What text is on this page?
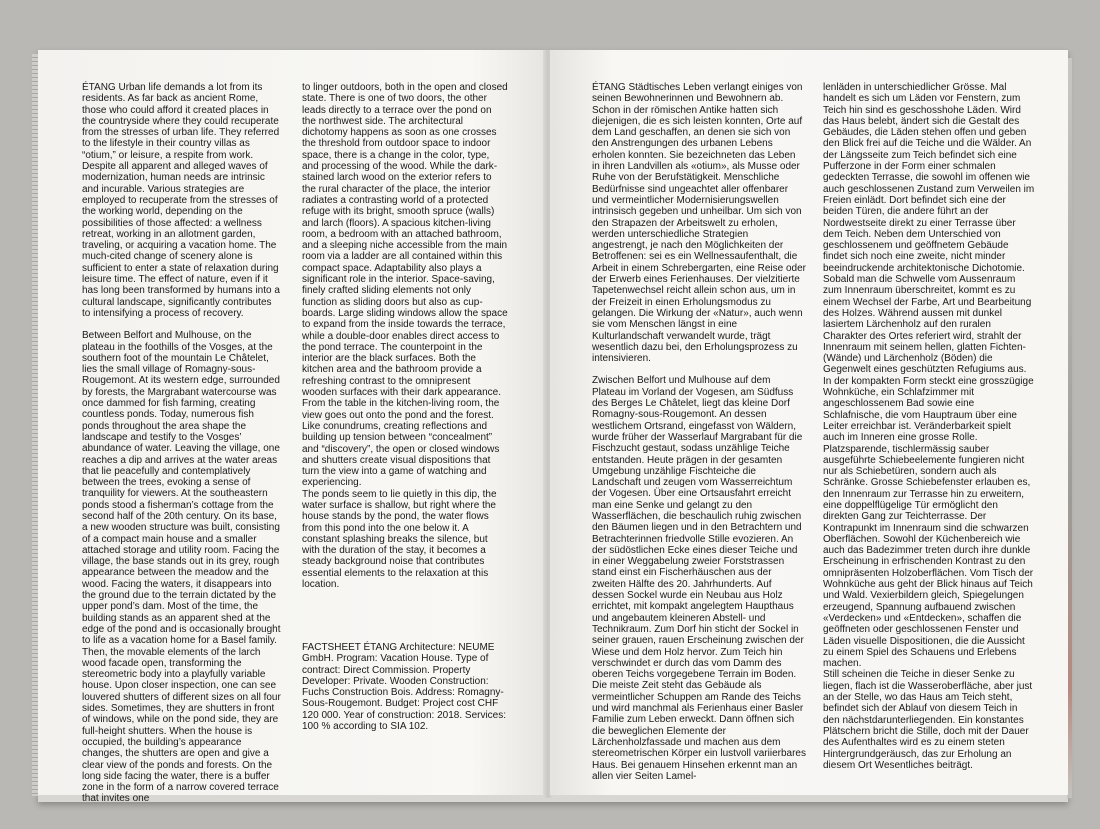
ÉTANG Urban life demands a lot from its residents. As far back as ancient Rome, those who could afford it created places in the countryside where they could recuperate from the stresses of urban life. They referred to the lifestyle in their country villas as “otium,” or leisure, a respite from work. Despite all apparent and alleged waves of modernization, human needs are intrinsic and incurable. Various strategies are employed to recuperate from the stresses of the working world, depending on the possibilities of those affected: a wellness retreat, working in an allotment garden, traveling, or acquiring a vacation home. The much-cited change of scenery alone is sufficient to enter a state of relaxation during leisure time. The effect of nature, even if it has long been transformed by humans into a cultural landscape, significantly contributes to intensifying a process of recovery.

Between Belfort and Mulhouse, on the plateau in the foothills of the Vosges, at the southern foot of the mountain Le Châtelet, lies the small village of Romagny-sous-Rougemont. At its western edge, surrounded by forests, the Margrabant watercourse was once dammed for fish farming, creating countless ponds. Today, numerous fish ponds throughout the area shape the landscape and testify to the Vosges’ abundance of water. Leaving the village, one reaches a dip and arrives at the water areas that lie peacefully and contemplatively between the trees, evoking a sense of tranquility for viewers. At the southeastern ponds stood a fisherman’s cottage from the second half of the 20th century. On its base, a new wooden structure was built, consisting of a compact main house and a smaller attached storage and utility room. Facing the village, the base stands out in its grey, rough appearance between the meadow and the wood. Facing the waters, it disappears into the ground due to the terrain dictated by the upper pond’s dam. Most of the time, the building stands as an apparent shed at the edge of the pond and is occasionally brought to life as a vacation home for a Basel family. Then, the movable elements of the larch wood facade open, transforming the stereometric body into a playfully variable house. Upon closer inspection, one can see louvered shutters of different sizes on all four sides. Sometimes, they are shutters in front of windows, while on the pond side, they are full-height shutters. When the house is occupied, the building’s appearance changes, the shutters are open and give a clear view of the ponds and forests. On the long side facing the water, there is a buffer zone in the form of a narrow covered terrace that invites one

to linger outdoors, both in the open and closed state. There is one of two doors, the other leads directly to a terrace over the pond on the northwest side. The architectural dichotomy happens as soon as one crosses the threshold from outdoor space to indoor space, there is a change in the color, type, and processing of the wood. While the dark-stained larch wood on the exterior refers to the rural character of the place, the interior radiates a contrasting world of a protected refuge with its bright, smooth spruce (walls) and larch (floors). A spacious kitchen-living room, a bedroom with an attached bathroom, and a sleeping niche accessible from the main room via a ladder are all contained within this compact space. Adaptability also plays a significant role in the interior. Space-saving, finely crafted sliding elements not only function as sliding doors but also as cup-boards. Large sliding windows allow the space to expand from the inside towards the terrace, while a double-door enables direct access to the pond terrace. The counterpoint in the interior are the black surfaces. Both the kitchen area and the bathroom provide a refreshing contrast to the omnipresent wooden surfaces with their dark appearance.
From the table in the kitchen-living room, the view goes out onto the pond and the forest. Like conundrums, creating reflections and building up tension between “concealment” and “discovery”, the open or closed windows and shutters create visual dispositions that turn the view into a game of watching and experiencing.
The ponds seem to lie quietly in this dip, the water surface is shallow, but right where the house stands by the pond, the water flows from this pond into the one below it. A constant splashing breaks the silence, but with the duration of the stay, it becomes a steady background noise that contributes essential elements to the relaxation at this location.

FACTSHEET ÉTANG Architecture: NEUME GmbH. Program: Vacation House. Type of contract: Direct Commission. Property Developer: Private. Wooden Construction: Fuchs Construction Bois. Address: Romagny-Sous-Rougemont. Budget: Project cost CHF 120 000. Year of construction: 2018. Services: 100 % according to SIA 102.

ÉTANG Städtisches Leben verlangt einiges von seinen Bewohnerinnen und Bewohnern ab. Schon in der römischen Antike hatten sich diejenigen, die es sich leisten konnten, Orte auf dem Land geschaffen, an denen sie sich von den Anstrengungen des urbanen Lebens erholen konnten. Sie bezeichneten das Leben in ihren Landvillen als «otium», als Musse oder Ruhe von der Berufstätigkeit. Menschliche Bedürfnisse sind ungeachtet aller offenbarer und vermeintlicher Modernisierungswellen intrinsisch gegeben und unheilbar. Um sich von den Strapazen der Arbeitswelt zu erholen, werden unterschiedliche Strategien angestrengt, je nach den Möglichkeiten der Betroffenen: sei es ein Wellnessaufenthalt, die Arbeit in einem Schrebergarten, eine Reise oder der Erwerb eines Ferienhauses. Der vielzitierte Tapetenwechsel reicht allein schon aus, um in der Freizeit in einen Erholungsmodus zu gelangen. Die Wirkung der «Natur», auch wenn sie vom Menschen längst in eine Kulturlandschaft verwandelt wurde, trägt wesentlich dazu bei, den Erholungsprozess zu intensivieren.

Zwischen Belfort und Mulhouse auf dem Plateau im Vorland der Vogesen, am Südfuss des Berges Le Châtelet, liegt das kleine Dorf Romagny-sous-Rougemont. An dessen westlichem Ortsrand, eingefasst von Wäldern, wurde früher der Wasserlauf Margrabant für die Fischzucht gestaut, sodass unzählige Teiche entstanden. Heute prägen in der gesamten Umgebung unzählige Fischteiche die Landschaft und zeugen vom Wasserreichtum der Vogesen. Über eine Ortsausfahrt erreicht man eine Senke und gelangt zu den Wasserflächen, die beschaulich ruhig zwischen den Bäumen liegen und in den Betrachtern und Betrachterinnen friedvolle Stille evozieren. An der südöstlichen Ecke eines dieser Teiche und in einer Weggabelung zweier Forststrassen stand einst ein Fischerhäuschen aus der zweiten Hälfte des 20. Jahrhunderts. Auf dessen Sockel wurde ein Neubau aus Holz errichtet, mit kompakt angelegtem Haupthaus und angebautem kleineren Abstell- und Technikraum. Zum Dorf hin sticht der Sockel in seiner grauen, rauen Erscheinung zwischen der Wiese und dem Holz hervor. Zum Teich hin verschwindet er durch das vom Damm des oberen Teichs vorgegebene Terrain im Boden. Die meiste Zeit steht das Gebäude als vermeintlicher Schuppen am Rande des Teichs und wird manchmal als Ferienhaus einer Basler Familie zum Leben erweckt. Dann öffnen sich die beweglichen Elemente der Lärchenholzfassade und machen aus dem stereometrischen Körper ein lustvoll variierbares Haus. Bei genauem Hinsehen erkennt man an allen vier Seiten Lamel-

lenläden in unterschiedlicher Grösse. Mal handelt es sich um Läden vor Fenstern, zum Teich hin sind es geschosshohe Läden. Wird das Haus belebt, ändert sich die Gestalt des Gebäudes, die Läden stehen offen und geben den Blick frei auf die Teiche und die Wälder. An der Längsseite zum Teich befindet sich eine Pufferzone in der Form einer schmalen gedeckten Terrasse, die sowohl im offenen wie auch geschlossenen Zustand zum Verweilen im Freien einlädt. Dort befindet sich eine der beiden Türen, die andere führt an der Nordwestseite direkt zu einer Terrasse über dem Teich. Neben dem Unterschied von geschlossenem und geöffnetem Gebäude findet sich noch eine zweite, nicht minder beeindruckende architektonische Dichotomie. Sobald man die Schwelle vom Aussenraum zum Innenraum überschreitet, kommt es zu einem Wechsel der Farbe, Art und Bearbeitung des Holzes. Während aussen mit dunkel lasiertem Lärchenholz auf den ruralen Charakter des Ortes referiert wird, strahlt der Innenraum mit seinem hellen, glatten Fichten- (Wände) und Lärchenholz (Böden) die Gegenwelt eines geschützten Refugiums aus. In der kompakten Form steckt eine grosszügige Wohnküche, ein Schlafzimmer mit angeschlossenem Bad sowie eine Schlafnische, die vom Hauptraum über eine Leiter erreichbar ist. Veränderbarkeit spielt auch im Inneren eine grosse Rolle. Platzsparende, tischlermässig sauber ausgeführte Schiebeelemente fungieren nicht nur als Schiebetüren, sondern auch als Schränke. Grosse Schiebefenster erlauben es, den Innenraum zur Terrasse hin zu erweitern, eine doppelflügelige Tür ermöglicht den direkten Gang zur Teichterrasse. Der Kontrapunkt im Innenraum sind die schwarzen Oberflächen. Sowohl der Küchenbereich wie auch das Badezimmer treten durch ihre dunkle Erscheinung in erfrischenden Kontrast zu den omnipräsenten Holzoberflächen. Vom Tisch der Wohnküche aus geht der Blick hinaus auf Teich und Wald. Vexierbildern gleich, Spiegelungen erzeugend, Spannung aufbauend zwischen «Verdecken» und «Entdecken», schaffen die geöffneten oder geschlossenen Fenster und Läden visuelle Dispositionen, die die Aussicht zu einem Spiel des Schauens und Erlebens machen.
Still scheinen die Teiche in dieser Senke zu liegen, flach ist die Wasseroberfläche, aber just an der Stelle, wo das Haus am Teich steht, befindet sich der Ablauf von diesem Teich in den nächstdarunterliegenden. Ein konstantes Plätschern bricht die Stille, doch mit der Dauer des Aufenthaltes wird es zu einem steten Hintergrundgeräusch, das zur Erholung an diesem Ort Wesentliches beiträgt.
